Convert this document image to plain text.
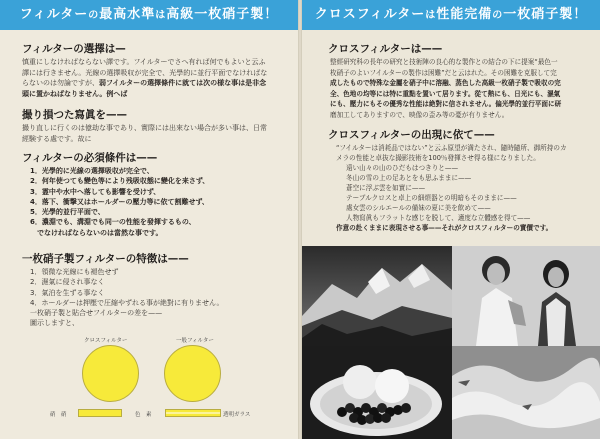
フィルターの最高水準は高級一枚硝子製！
フィルターの選擇は—
慎重にしなければならない譯です。フイルターでさへ有れば何でもよいと云ふ
譯には行きません。光線の選擇吸収が完全で、光學的に並行平面でなければな
らないのは勿論ですが、弱フイルターの選擇條件に就ては次の様な事は是非念
頭に置かねばなりません。例へば
撮り損つた寫眞を——
撮り直しに行くのは億劫な事であり、實際には出來ない場合が多い事は、日常
經験する處です。故に
フィルターの必須條件は——
1．光學的に光線の選擇吸収が完全で、
2．何年使つても變色等により残吸収態に變化を来さず、
3．霊中や水中へ落しても影響を受けず、
4．落下、衝撃又はホールダーの壓力等に依て割難せず、
5．光學的並行平面で、
6．濃淵でも、溝淵でも同一の性能を發揮するもの、
　でなければならないのは當然な事です。
一枚硝子製フィルターの特徴は——
1．領微な光線にも褪色せず
2．濕氣に侵され事なく
3．氣泊を生ずる事なく
4．ホールダーは押壓で圧縮やずれる事が絶對に有りません。
一枚硝子製と貼合せフイルターの差を——
圖示しますと、
クロスフィルター	一般フィルター
硝　硝	色　素	透明ガラス
クロスフィルターは性能完備の一枚硝子製！
クロスフィルターは——
整經研究科の長年の研究と技術陣の良心的な製作との結合の下に提案“最色一
枚硝子のよいフイルターの製作は困難”だと云はれた。その困難を克服して完
成したもので特殊な金屬を硝子中に溶融、蒸色した高級一枚硝子製で吸収の完
全、色地の均等には特に重點を置いて居ります。從て熱にも、日光にも、濕氣
にも、壓力にもその優秀な性能は絶對に信されません。偏光學的並行平面に研
磨加工してありますので、映像の歪み等の憂が有りません。
クロスフィルターの出現に依て——
“フイルターは消耗品ではない”と云ふ原望が満たされ、隨時隨所、御所持のカ
メラの性能と卓抜な撮影技術を100％發揮させ得る様になりました。
遠い山々の山のひだもはつきりと——
冬山の雪の上の足あとをも思ふままに——
蒼空に浮ぶ雲を如實に——
テーブルクロスと卓上の細煩器との明暗もそのままに——
處女雲のシルエールの備妹の夏に美を飲めて——
人物寫眞もフラットな感じを脱して、適度な立體感を得て——
作意の赴くままに表現させる事——それがクロスフィルターの實價です。
